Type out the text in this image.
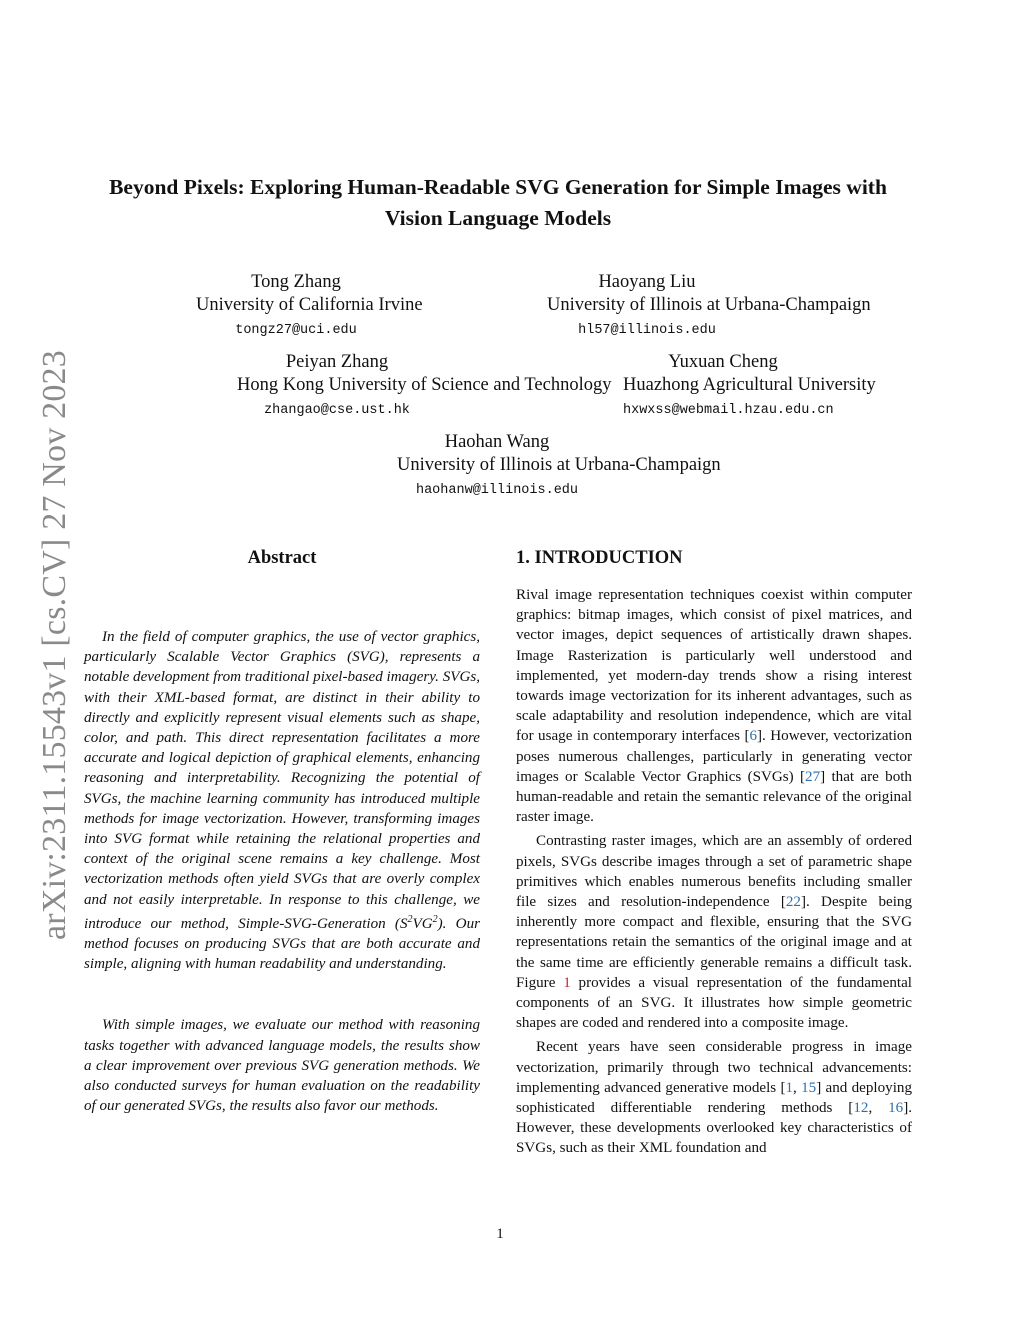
arXiv:2311.15543v1 [cs.CV] 27 Nov 2023
Beyond Pixels: Exploring Human-Readable SVG Generation for Simple Images with Vision Language Models
Tong Zhang
University of California Irvine
tongz27@uci.edu
Haoyang Liu
University of Illinois at Urbana-Champaign
hl57@illinois.edu
Peiyan Zhang
Hong Kong University of Science and Technology
zhangao@cse.ust.hk
Yuxuan Cheng
Huazhong Agricultural University
hxwxss@webmail.hzau.edu.cn
Haohan Wang
University of Illinois at Urbana-Champaign
haohanw@illinois.edu
Abstract

In the field of computer graphics, the use of vector graphics, particularly Scalable Vector Graphics (SVG), represents a notable development from traditional pixel-based imagery. SVGs, with their XML-based format, are distinct in their ability to directly and explicitly represent visual elements such as shape, color, and path. This direct representation facilitates a more accurate and logical depiction of graphical elements, enhancing reasoning and interpretability. Recognizing the potential of SVGs, the machine learning community has introduced multiple methods for image vectorization. However, transforming images into SVG format while retaining the relational properties and context of the original scene remains a key challenge. Most vectorization methods often yield SVGs that are overly complex and not easily interpretable. In response to this challenge, we introduce our method, Simple-SVG-Generation $(S^2VG^2)$. Our method focuses on producing SVGs that are both accurate and simple, aligning with human readability and understanding.

With simple images, we evaluate our method with reasoning tasks together with advanced language models, the results show a clear improvement over previous SVG generation methods. We also conducted surveys for human evaluation on the readability of our generated SVGs, the results also favor our methods.

1. INTRODUCTION

Rival image representation techniques coexist within computer graphics: bitmap images, which consist of pixel matrices, and vector images, depict sequences of artistically drawn shapes. Image Rasterization is particularly well understood and implemented, yet modern-day trends show a rising interest towards image vectorization for its inherent advantages, such as scale adaptability and resolution independence, which are vital for usage in contemporary interfaces [6]. However, vectorization poses numerous challenges, particularly in generating vector images or Scalable Vector Graphics (SVGs) [27] that are both human-readable and retain the semantic relevance of the original raster image.

Contrasting raster images, which are an assembly of ordered pixels, SVGs describe images through a set of parametric shape primitives which enables numerous benefits including smaller file sizes and resolution-independence [22]. Despite being inherently more compact and flexible, ensuring that the SVG representations retain the semantics of the original image and at the same time are efficiently generable remains a difficult task. Figure 1 provides a visual representation of the fundamental components of an SVG. It illustrates how simple geometric shapes are coded and rendered into a composite image.

Recent years have seen considerable progress in image vectorization, primarily through two technical advancements: implementing advanced generative models [1, 15] and deploying sophisticated differentiable rendering methods [12, 16]. However, these developments overlooked key characteristics of SVGs, such as their XML foundation and

1
